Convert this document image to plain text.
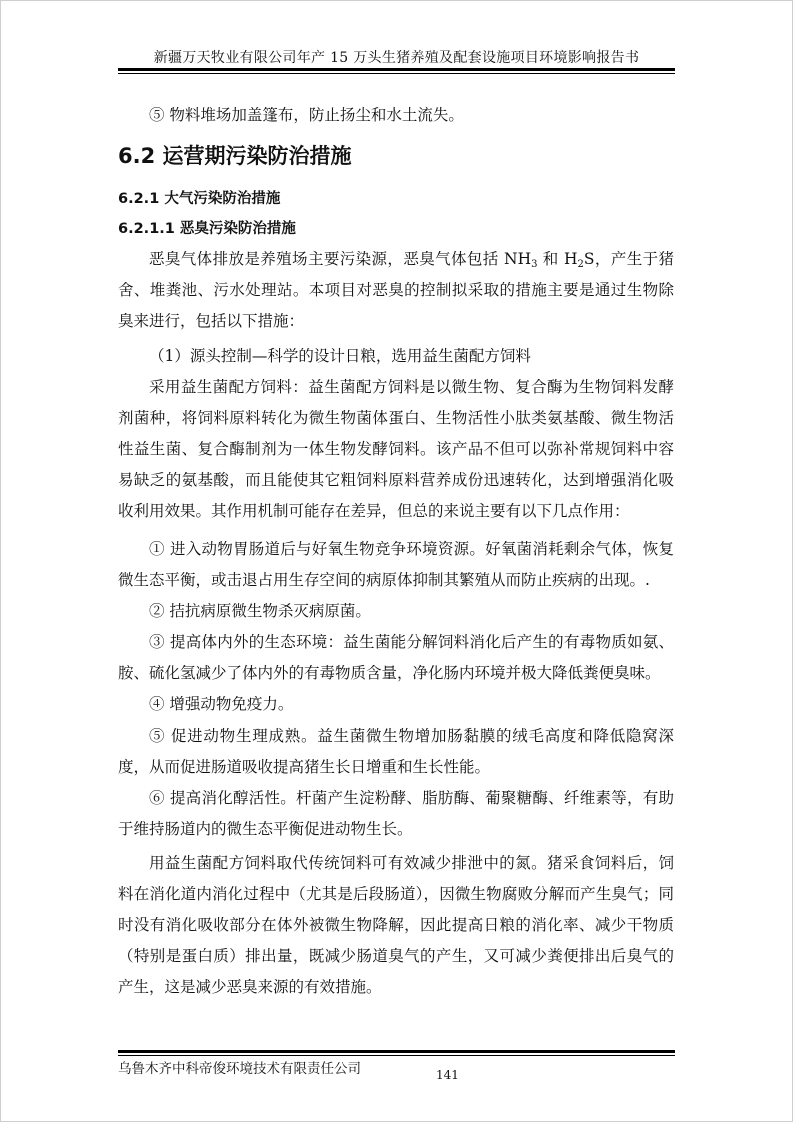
新疆万天牧业有限公司年产 15 万头生猪养殖及配套设施项目环境影响报告书

⑤ 物料堆场加盖篷布，防止扬尘和水土流失。

6.2 运营期污染防治措施
6.2.1 大气污染防治措施
6.2.1.1 恶臭污染防治措施

恶臭气体排放是养殖场主要污染源，恶臭气体包括 $NH_3$ 和 $H_2S$，产生于猪舍、堆粪池、污水处理站。本项目对恶臭的控制拟采取的措施主要是通过生物除臭来进行，包括以下措施：

（1）源头控制—科学的设计日粮，选用益生菌配方饲料

采用益生菌配方饲料：益生菌配方饲料是以微生物、复合酶为生物饲料发酵剂菌种，将饲料原料转化为微生物菌体蛋白、生物活性小肽类氨基酸、微生物活性益生菌、复合酶制剂为一体生物发酵饲料。该产品不但可以弥补常规饲料中容易缺乏的氨基酸，而且能使其它粗饲料原料营养成份迅速转化，达到增强消化吸收利用效果。其作用机制可能存在差异，但总的来说主要有以下几点作用：

① 进入动物胃肠道后与好氧生物竞争环境资源。好氧菌消耗剩余气体，恢复微生态平衡，或击退占用生存空间的病原体抑制其繁殖从而防止疾病的出现。.

② 拮抗病原微生物杀灭病原菌。

③ 提高体内外的生态环境：益生菌能分解饲料消化后产生的有毒物质如氨、胺、硫化氢减少了体内外的有毒物质含量，净化肠内环境并极大降低粪便臭味。

④ 增强动物免疫力。

⑤ 促进动物生理成熟。益生菌微生物增加肠黏膜的绒毛高度和降低隐窝深度，从而促进肠道吸收提高猪生长日增重和生长性能。

⑥ 提高消化醇活性。杆菌产生淀粉酵、脂肪酶、葡聚糖酶、纤维素等，有助于维持肠道内的微生态平衡促进动物生长。

用益生菌配方饲料取代传统饲料可有效减少排泄中的氮。猪采食饲料后，饲料在消化道内消化过程中（尤其是后段肠道），因微生物腐败分解而产生臭气；同时没有消化吸收部分在体外被微生物降解，因此提高日粮的消化率、减少干物质（特别是蛋白质）排出量，既减少肠道臭气的产生，又可减少粪便排出后臭气的产生，这是减少恶臭来源的有效措施。

乌鲁木齐中科帝俊环境技术有限责任公司	141
